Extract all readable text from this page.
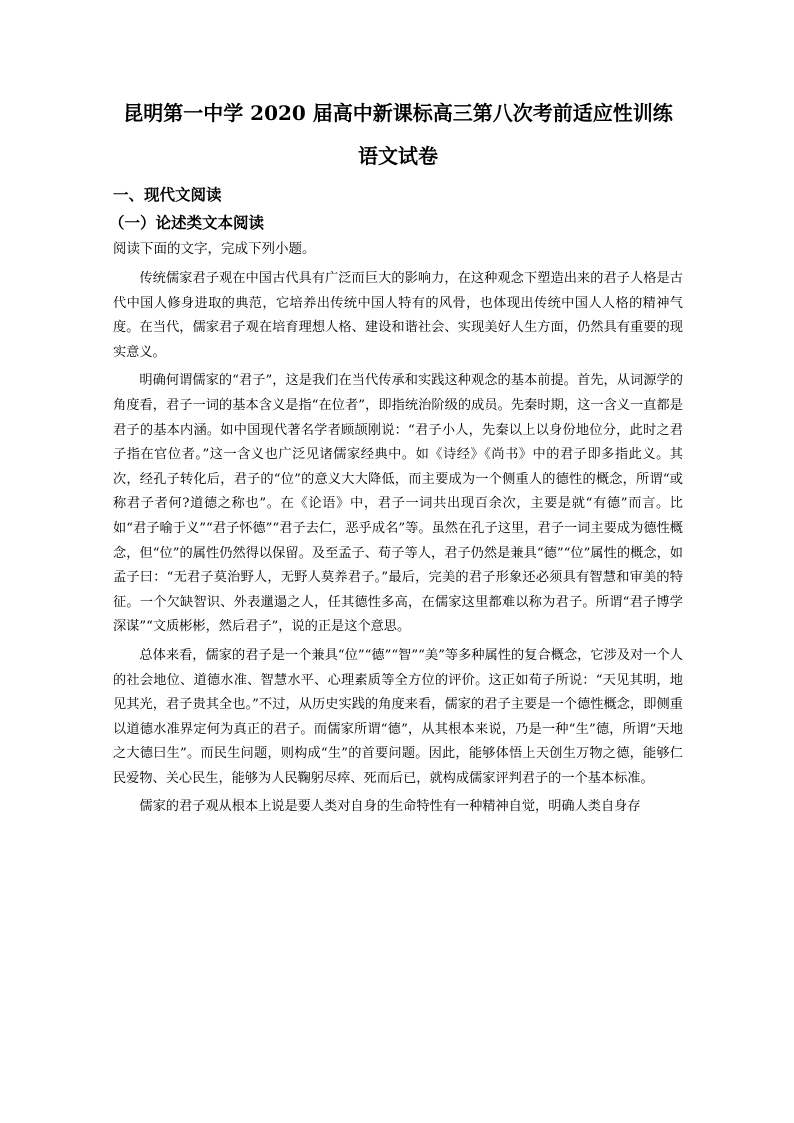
昆明第一中学 2020 届高中新课标高三第八次考前适应性训练
语文试卷

一、现代文阅读

（一）论述类文本阅读

阅读下面的文字，完成下列小题。

传统儒家君子观在中国古代具有广泛而巨大的影响力，在这种观念下塑造出来的君子人格是古代中国人修身进取的典范，它培养出传统中国人特有的风骨，也体现出传统中国人人格的精神气度。在当代，儒家君子观在培育理想人格、建设和谐社会、实现美好人生方面，仍然具有重要的现实意义。

明确何谓儒家的“君子”，这是我们在当代传承和实践这种观念的基本前提。首先，从词源学的角度看，君子一词的基本含义是指“在位者”，即指统治阶级的成员。先秦时期，这一含义一直都是君子的基本内涵。如中国现代著名学者顾颉刚说：“君子小人，先秦以上以身份地位分，此时之君子指在官位者。”这一含义也广泛见诸儒家经典中。如《诗经》《尚书》中的君子即多指此义。其次，经孔子转化后，君子的“位”的意义大大降低，而主要成为一个侧重人的德性的概念，所谓“或称君子者何?道德之称也”。在《论语》中，君子一词共出现百余次，主要是就“有德”而言。比如“君子喻于义”“君子怀德”“君子去仁，恶乎成名”等。虽然在孔子这里，君子一词主要成为德性概念，但“位”的属性仍然得以保留。及至孟子、荀子等人，君子仍然是兼具“德”“位”属性的概念，如孟子曰：“无君子莫治野人，无野人莫养君子。”最后，完美的君子形象还必须具有智慧和审美的特征。一个欠缺智识、外表邋遢之人，任其德性多高，在儒家这里都难以称为君子。所谓“君子博学深谋”“文质彬彬，然后君子”，说的正是这个意思。

总体来看，儒家的君子是一个兼具“位”“德”“智”“美”等多种属性的复合概念，它涉及对一个人的社会地位、道德水准、智慧水平、心理素质等全方位的评价。这正如荀子所说：“天见其明，地见其光，君子贵其全也。”不过，从历史实践的角度来看，儒家的君子主要是一个德性概念，即侧重以道德水准界定何为真正的君子。而儒家所谓“德”，从其根本来说，乃是一种“生”德，所谓“天地之大德曰生”。而民生问题，则构成“生”的首要问题。因此，能够体悟上天创生万物之德，能够仁民爱物、关心民生，能够为人民鞠躬尽瘁、死而后已，就构成儒家评判君子的一个基本标准。

儒家的君子观从根本上说是要人类对自身的生命特性有一种精神自觉，明确人类自身存
